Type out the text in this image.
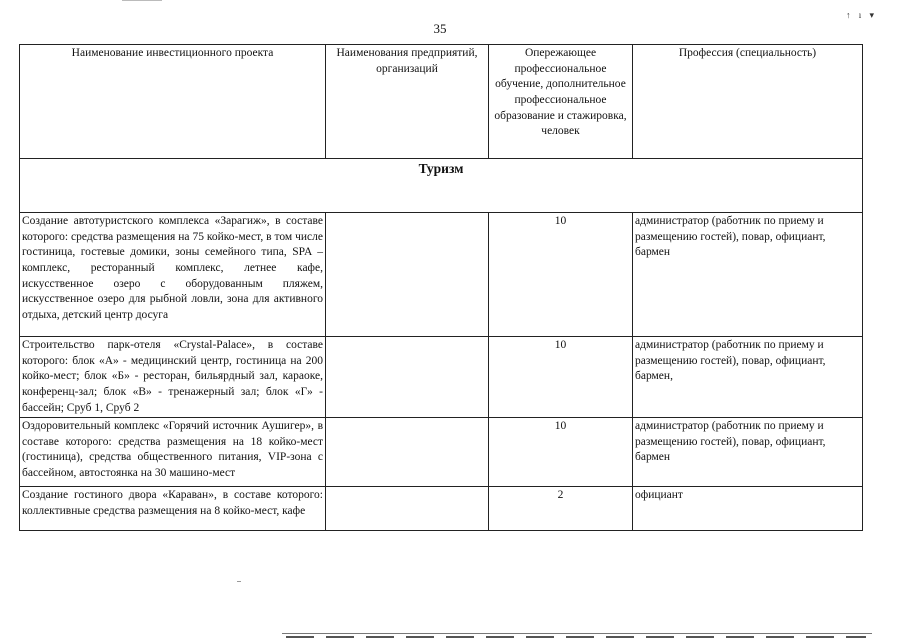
35
↑ ı ▾
Наименование инвестиционного проекта	Наименования предприятий, организаций	Опережающее профессиональное обучение, дополнительное профессиональное образование и стажировка, человек	Профессия (специальность)
Туризм			
Создание автотуристского комплекса «Зарагиж», в составе которого: средства размещения на 75 койко-мест, в том числе гостиница, гостевые домики, зоны семейного типа, SPA – комплекс, ресторанный комплекс, летнее кафе, искусственное озеро с оборудованным пляжем, искусственное озеро для рыбной ловли, зона для активного отдыха, детский центр досуга		10	администратор (работник по приему и размещению гостей), повар, официант, бармен
Строительство парк-отеля «Crystal-Palace», в составе которого: блок «А» - медицинский центр, гостиница на 200 койко-мест; блок «Б» - ресторан, бильярдный зал, караоке, конференц-зал; блок «В» - тренажерный зал; блок «Г» - бассейн; Сруб 1, Сруб 2		10	администратор (работник по приему и размещению гостей), повар, официант, бармен,
Оздоровительный комплекс «Горячий источник Аушигер», в составе которого: средства размещения на 18 койко-мест (гостиница), средства общественного питания, VIP-зона с бассейном, автостоянка на 30 машино-мест		10	администратор (работник по приему и размещению гостей), повар, официант, бармен
Создание гостиного двора «Караван», в составе которого: коллективные средства размещения на 8 койко-мест, кафе		2	официант
